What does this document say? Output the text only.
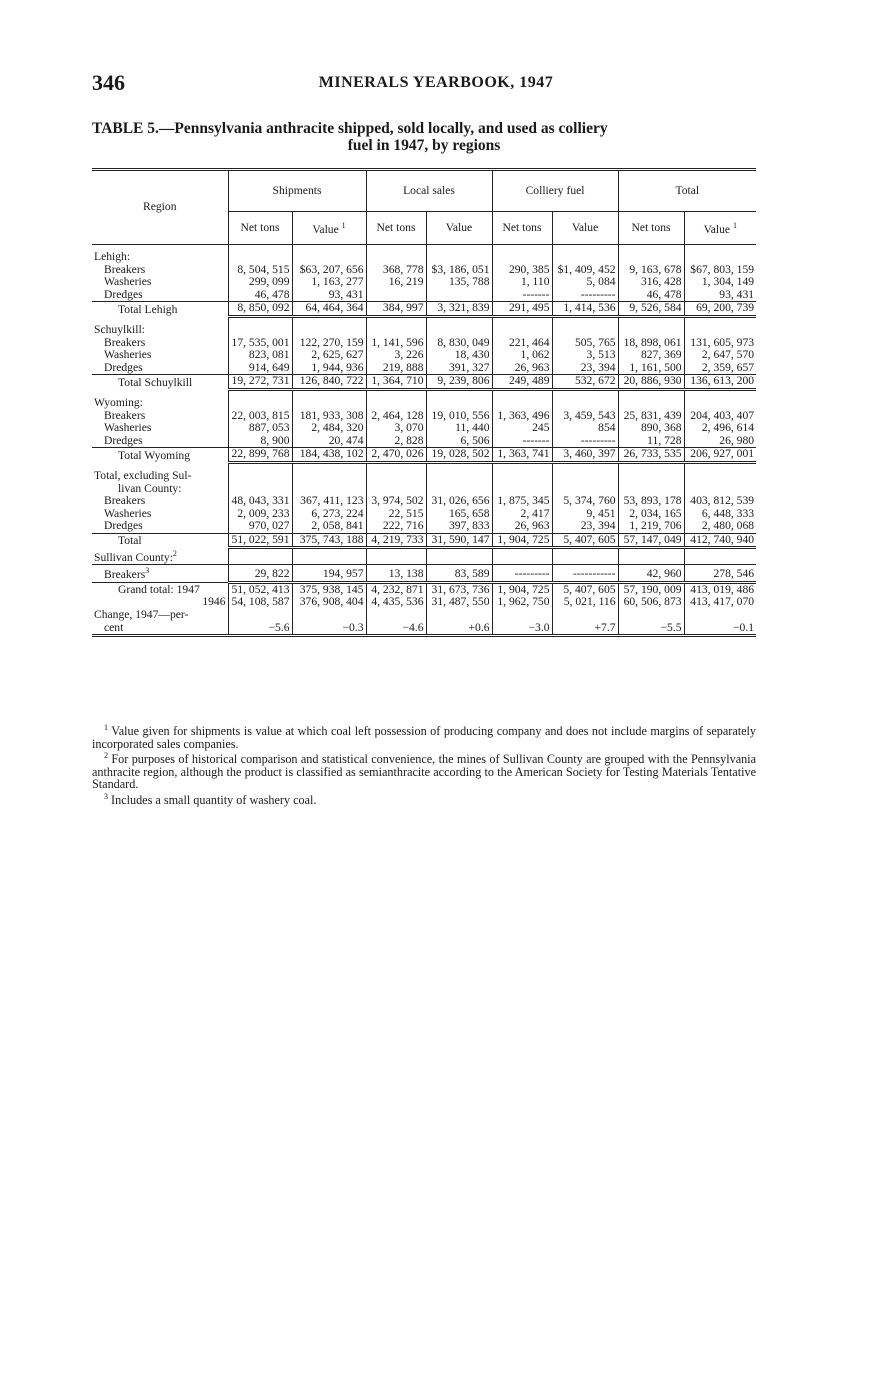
346	MINERALS YEARBOOK, 1947
TABLE 5.—Pennsylvania anthracite shipped, sold locally, and used as colliery
fuel in 1947, by regions
Region	Shipments		Local sales		Colliery fuel		Total	
	Net tons	Value $^1$	Net tons	Value	Net tons	Value	Net tons	Value $^1$

Lehigh:								
Breakers	8, 504, 515	$63, 207, 656	368, 778	$3, 186, 051	290, 385	$1, 409, 452	9, 163, 678	$67, 803, 159
Washeries	299, 099	1, 163, 277	16, 219	135, 788	1, 110	5, 084	316, 428	1, 304, 149
Dredges	46, 478	93, 431			-------	---------	46, 478	93, 431
Total Lehigh	8, 850, 092	64, 464, 364	384, 997	3, 321, 839	291, 495	1, 414, 536	9, 526, 584	69, 200, 739

Schuylkill:								
Breakers	17, 535, 001	122, 270, 159	1, 141, 596	8, 830, 049	221, 464	505, 765	18, 898, 061	131, 605, 973
Washeries	823, 081	2, 625, 627	3, 226	18, 430	1, 062	3, 513	827, 369	2, 647, 570
Dredges	914, 649	1, 944, 936	219, 888	391, 327	26, 963	23, 394	1, 161, 500	2, 359, 657
Total Schuylkill	19, 272, 731	126, 840, 722	1, 364, 710	9, 239, 806	249, 489	532, 672	20, 886, 930	136, 613, 200

Wyoming:								
Breakers	22, 003, 815	181, 933, 308	2, 464, 128	19, 010, 556	1, 363, 496	3, 459, 543	25, 831, 439	204, 403, 407
Washeries	887, 053	2, 484, 320	3, 070	11, 440	245	854	890, 368	2, 496, 614
Dredges	8, 900	20, 474	2, 828	6, 506	-------	---------	11, 728	26, 980
Total Wyoming	22, 899, 768	184, 438, 102	2, 470, 026	19, 028, 502	1, 363, 741	3, 460, 397	26, 733, 535	206, 927, 001

Total, excluding Sul-								
livan County:								
Breakers	48, 043, 331	367, 411, 123	3, 974, 502	31, 026, 656	1, 875, 345	5, 374, 760	53, 893, 178	403, 812, 539
Washeries	2, 009, 233	6, 273, 224	22, 515	165, 658	2, 417	9, 451	2, 034, 165	6, 448, 333
Dredges	970, 027	2, 058, 841	222, 716	397, 833	26, 963	23, 394	1, 219, 706	2, 480, 068
Total	51, 022, 591	375, 743, 188	4, 219, 733	31, 590, 147	1, 904, 725	5, 407, 605	57, 147, 049	412, 740, 940
Sullivan County:$^2$								
Breakers$^3$	29, 822	194, 957	13, 138	83, 589	---------	-----------	42, 960	278, 546
Grand total: 1947	51, 052, 413	375, 938, 145	4, 232, 871	31, 673, 736	1, 904, 725	5, 407, 605	57, 190, 009	413, 019, 486
1946	54, 108, 587	376, 908, 404	4, 435, 536	31, 487, 550	1, 962, 750	5, 021, 116	60, 506, 873	413, 417, 070
Change, 1947—per-								
cent	−5.6	−0.3	−4.6	+0.6	−3.0	+7.7	−5.5	−0.1

$^1$ Value given for shipments is value at which coal left possession of producing company and does not include margins of separately incorporated sales companies.

$^2$ For purposes of historical comparison and statistical convenience, the mines of Sullivan County are grouped with the Pennsylvania anthracite region, although the product is classified as semianthracite according to the American Society for Testing Materials Tentative Standard.

$^3$ Includes a small quantity of washery coal.
